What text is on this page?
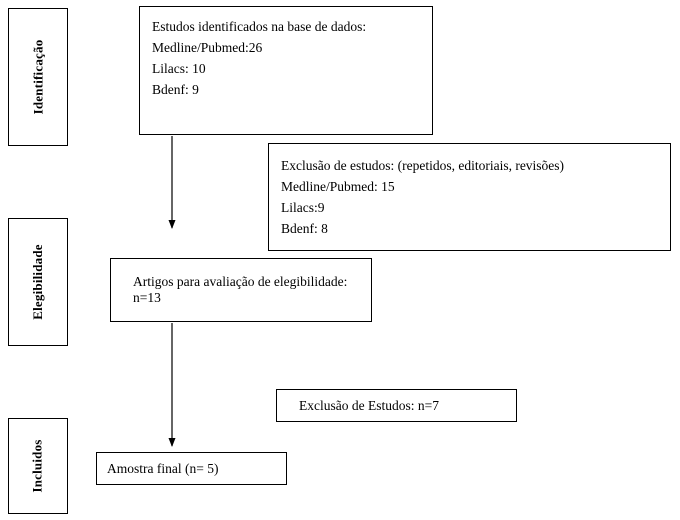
Identificação
Elegibilidade
Incluidos
Estudos identificados na base de dados:
Medline/Pubmed:26
Lilacs: 10
Bdenf: 9
Exclusão de estudos: (repetidos, editoriais, revisões)
Medline/Pubmed: 15
Lilacs:9
Bdenf: 8
Artigos para avaliação de elegibilidade: n=13
Exclusão de Estudos: n=7
Amostra final (n= 5)
